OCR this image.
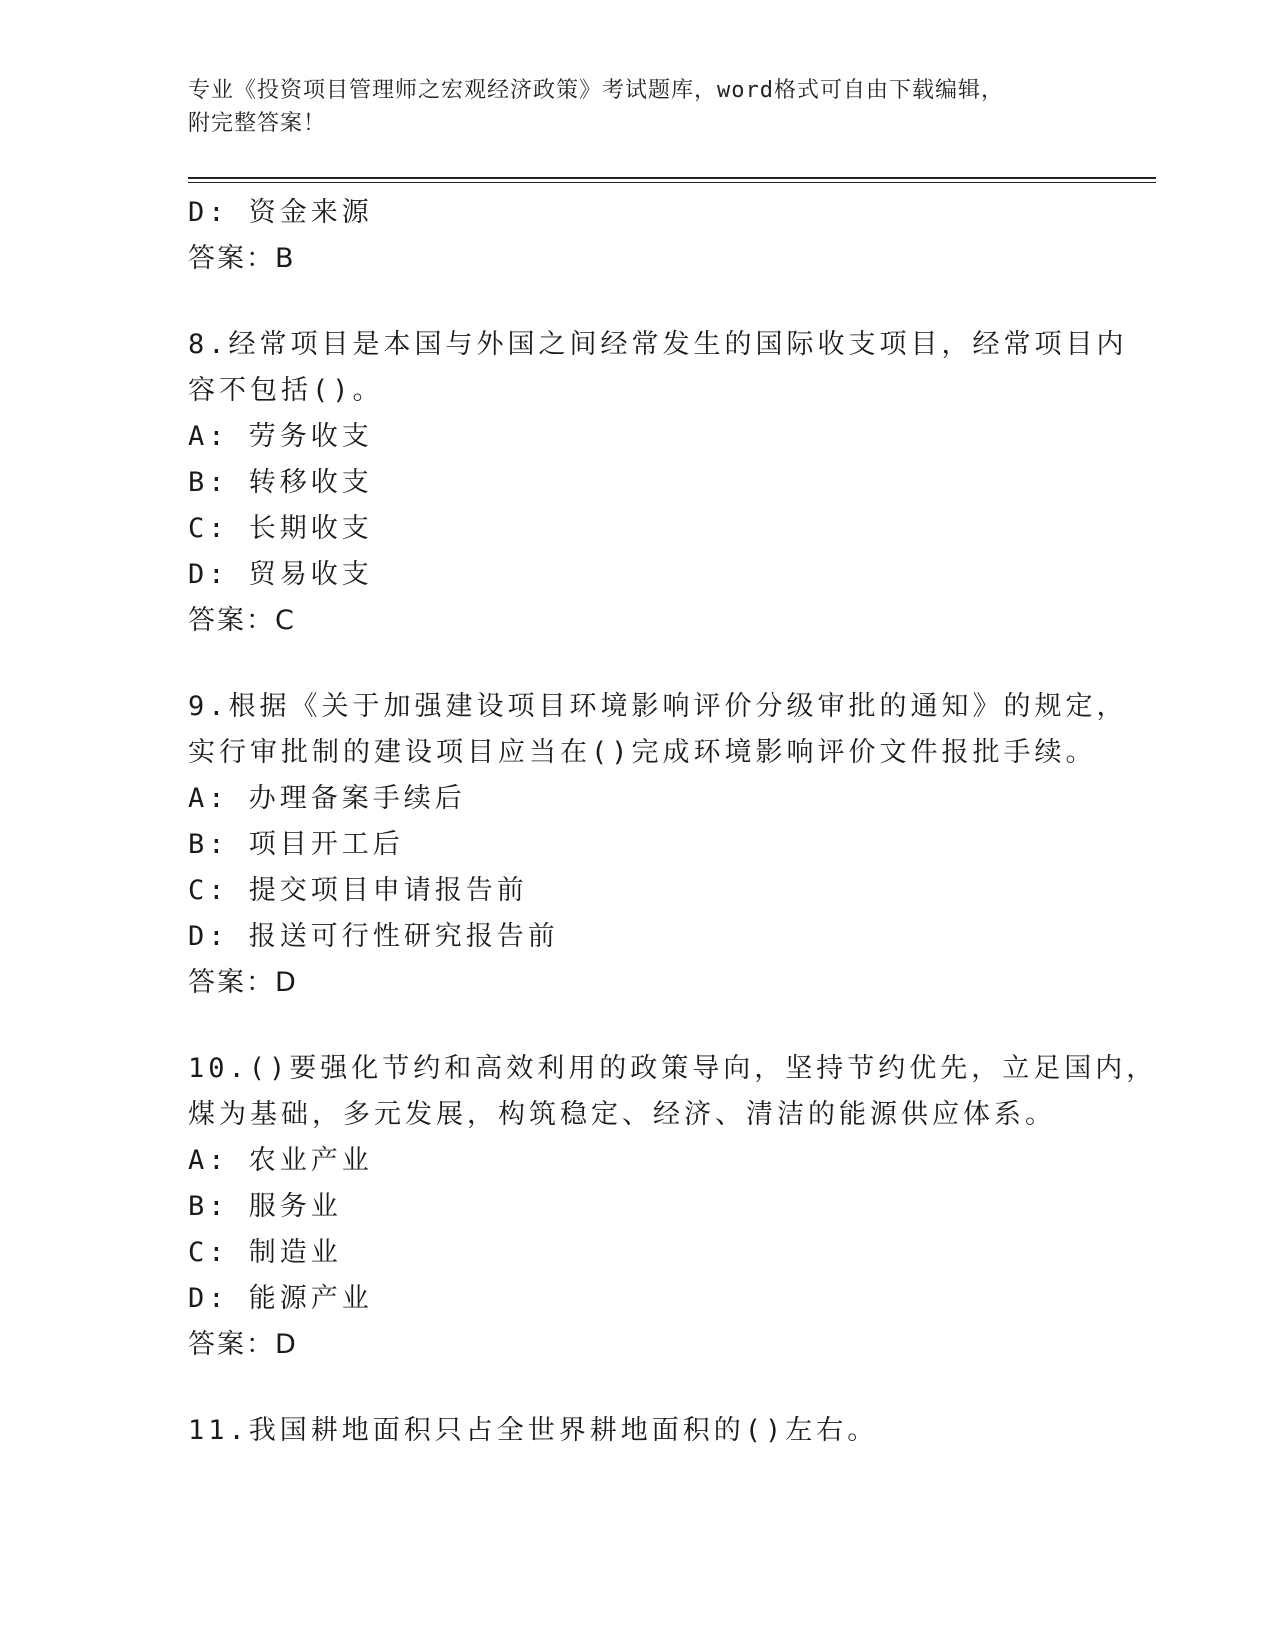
专业《投资项目管理师之宏观经济政策》考试题库，word格式可自由下载编辑，
附完整答案！
D: 资金来源
答案：B
8.经常项目是本国与外国之间经常发生的国际收支项目，经常项目内
容不包括()。
A: 劳务收支
B: 转移收支
C: 长期收支
D: 贸易收支
答案：C
9.根据《关于加强建设项目环境影响评价分级审批的通知》的规定，
实行审批制的建设项目应当在()完成环境影响评价文件报批手续。
A: 办理备案手续后
B: 项目开工后
C: 提交项目申请报告前
D: 报送可行性研究报告前
答案：D
10.()要强化节约和高效利用的政策导向，坚持节约优先，立足国内，
煤为基础，多元发展，构筑稳定、经济、清洁的能源供应体系。
A: 农业产业
B: 服务业
C: 制造业
D: 能源产业
答案：D
11.我国耕地面积只占全世界耕地面积的()左右。
